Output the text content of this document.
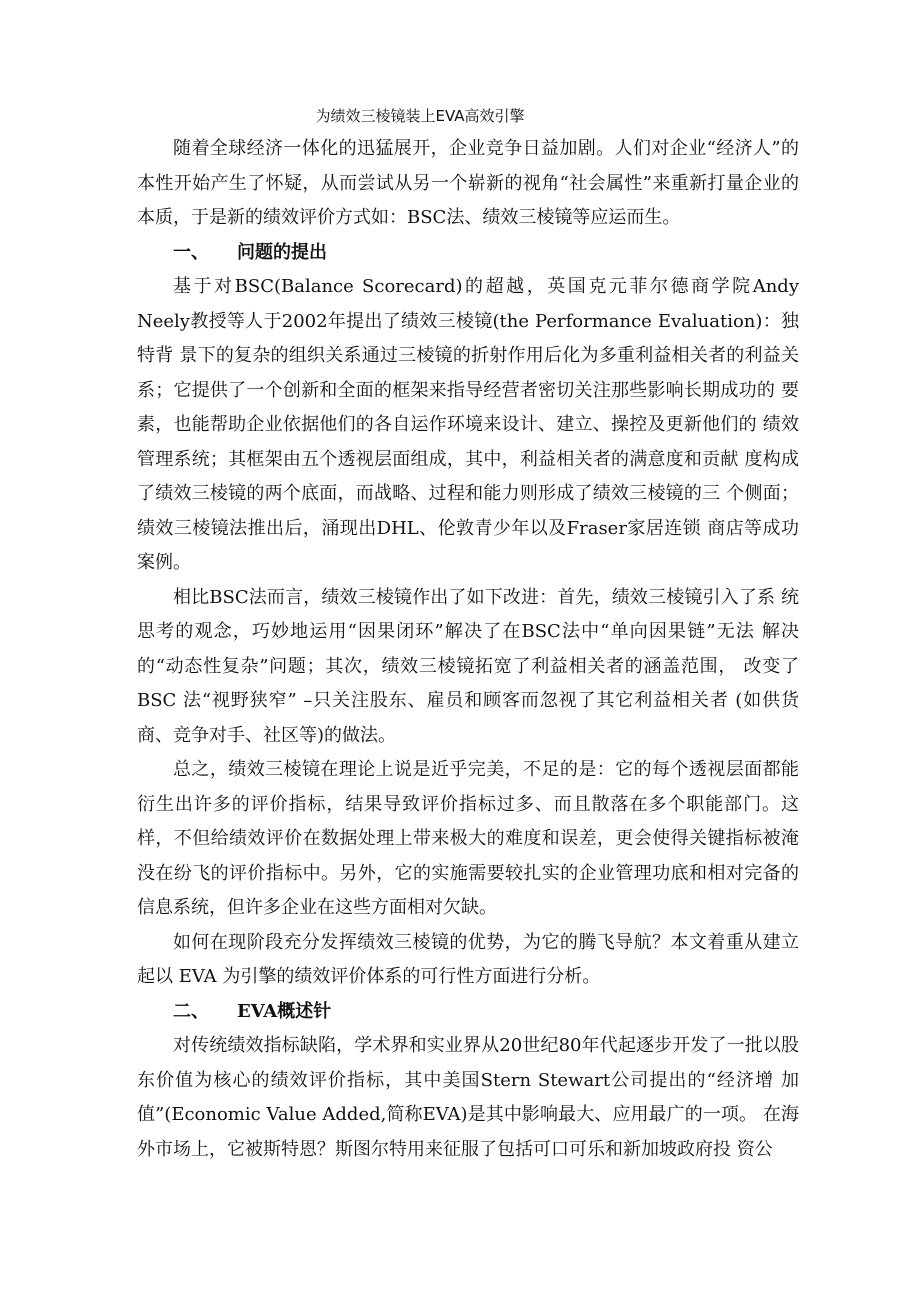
为绩效三棱镜装上EVA高效引擎

随着全球经济一体化的迅猛展开，企业竞争日益加剧。人们对企业“经济人”的本性开始产生了怀疑，从而尝试从另一个崭新的视角“社会属性”来重新打量企业的本质，于是新的绩效评价方式如：BSC法、绩效三棱镜等应运而生。

一、 问题的提出

基于对BSC(Balance Scorecard)的超越，英国克元菲尔德商学院Andy Neely教授等人于2002年提出了绩效三棱镜(the Performance Evaluation)：独特背 景下的复杂的组织关系通过三棱镜的折射作用后化为多重利益相关者的利益关 系；它提供了一个创新和全面的框架来指导经营者密切关注那些影响长期成功的 要素，也能帮助企业依据他们的各自运作环境来设计、建立、操控及更新他们的 绩效管理系统；其框架由五个透视层面组成，其中，利益相关者的满意度和贡献 度构成了绩效三棱镜的两个底面，而战略、过程和能力则形成了绩效三棱镜的三 个侧面；绩效三棱镜法推出后，涌现出DHL、伦敦青少年以及Fraser家居连锁 商店等成功案例。

相比BSC法而言，绩效三棱镜作出了如下改进：首先，绩效三棱镜引入了系 统思考的观念，巧妙地运用“因果闭环”解决了在BSC法中“单向因果链”无法 解决的“动态性复杂”问题；其次，绩效三棱镜拓宽了利益相关者的涵盖范围， 改变了 BSC 法“视野狭窄” –只关注股东、雇员和顾客而忽视了其它利益相关者 (如供货商、竞争对手、社区等)的做法。

总之，绩效三棱镜在理论上说是近乎完美，不足的是：它的每个透视层面都能衍生出许多的评价指标，结果导致评价指标过多、而且散落在多个职能部门。这样，不但给绩效评价在数据处理上带来极大的难度和误差，更会使得关键指标被淹没在纷飞的评价指标中。另外，它的实施需要较扎实的企业管理功底和相对完备的信息系统，但许多企业在这些方面相对欠缺。

如何在现阶段充分发挥绩效三棱镜的优势，为它的腾飞导航？本文着重从建立起以 EVA 为引擎的绩效评价体系的可行性方面进行分析。

二、 EVA概述针

对传统绩效指标缺陷，学术界和实业界从20世纪80年代起逐步开发了一批以股东价值为核心的绩效评价指标，其中美国Stern Stewart公司提出的“经济增 加值”(Economic Value Added,简称EVA)是其中影响最大、应用最广的一项。 在海外市场上，它被斯特恩？斯图尔特用来征服了包括可口可乐和新加坡政府投 资公
